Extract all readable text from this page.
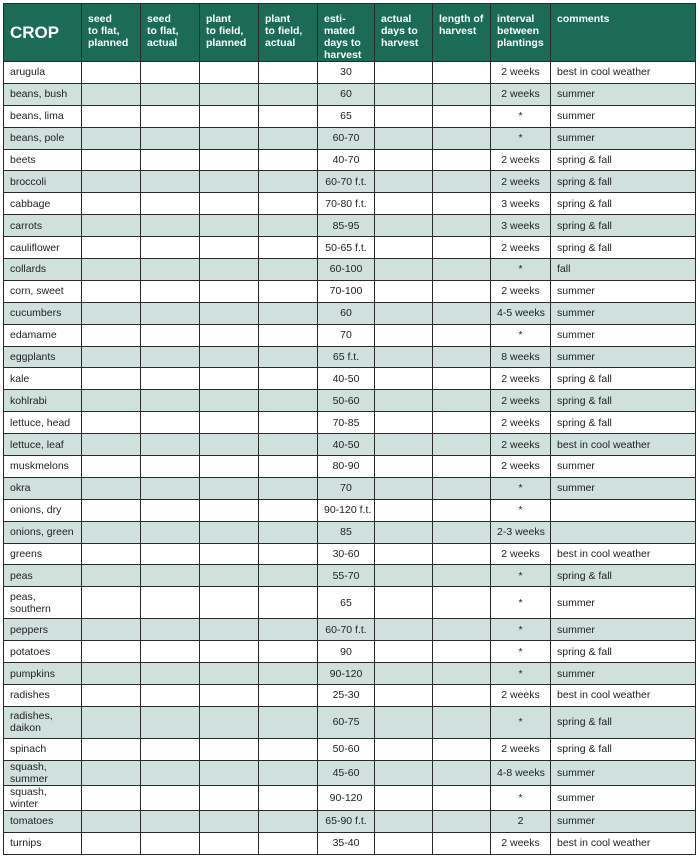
CROP	seed
to flat,
planned	seed
to flat,
actual	plant
to field,
planned	plant
to field,
actual	esti-
mated
days to
harvest	actual
days to
harvest	length of
harvest	interval
between
plantings	comments

arugula					30			2 weeks	best in cool weather
beans, bush					60			2 weeks	summer
beans, lima					65			*	summer
beans, pole					60-70			*	summer
beets					40-70			2 weeks	spring & fall
broccoli					60-70 f.t.			2 weeks	spring & fall
cabbage					70-80 f.t.			3 weeks	spring & fall
carrots					85-95			3 weeks	spring & fall
cauliflower					50-65 f.t.			2 weeks	spring & fall
collards					60-100			*	fall
corn, sweet					70-100			2 weeks	summer
cucumbers					60			4-5 weeks	summer
edamame					70			*	summer
eggplants					65 f.t.			8 weeks	summer
kale					40-50			2 weeks	spring & fall
kohlrabi					50-60			2 weeks	spring & fall
lettuce, head					70-85			2 weeks	spring & fall
lettuce, leaf					40-50			2 weeks	best in cool weather
muskmelons					80-90			2 weeks	summer
okra					70			*	summer
onions, dry					90-120 f.t.			*	
onions, green					85			2-3 weeks	
greens					30-60			2 weeks	best in cool weather
peas					55-70			*	spring & fall
peas, southern					65			*	summer
peppers					60-70 f.t.			*	summer
potatoes					90			*	spring & fall
pumpkins					90-120			*	summer
radishes					25-30			2 weeks	best in cool weather
radishes, daikon					60-75			*	spring & fall
spinach					50-60			2 weeks	spring & fall
squash, summer					45-60			4-8 weeks	summer
squash, winter					90-120			*	summer
tomatoes					65-90 f.t.			2	summer
turnips					35-40			2 weeks	best in cool weather
